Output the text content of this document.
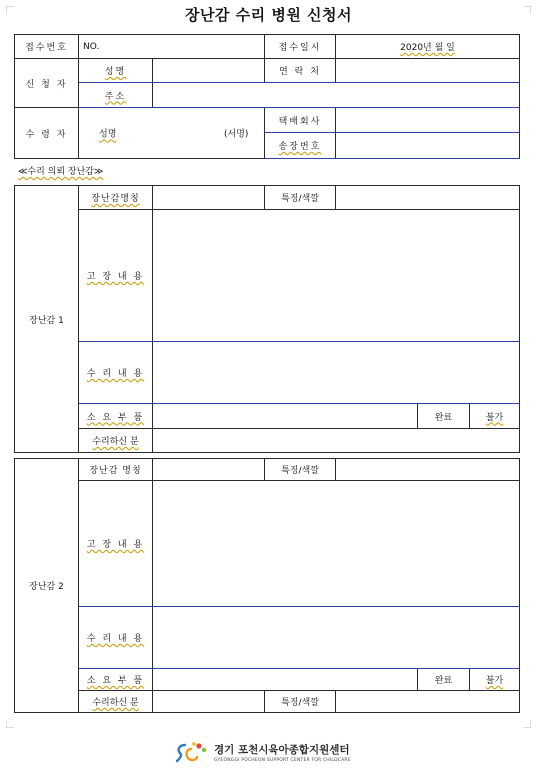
장난감 수리 병원 신청서
접수번호	NO.		접수일시	2020년 월 일
신 청 자	성명		연 락 처	
	주소			
수 령 자	성명 (서명)		택배회사	
			송장번호	
≪수리 의뢰 장난감≫
장난감 1	장난감명칭		특징/색깔			
	고 장 내 용					
	수 리 내 용					
	소 요 부 품				완료	불가
	수리하신 분					
장난감 2	장난감 명칭		특징/색깔			
	고 장 내 용					
	수 리 내 용					
	소 요 부 품				완료	불가
	수리하신 분		특징/색깔			
경기 포천시육아종합지원센터
GYEONGGI POCHEON SUPPORT CENTER FOR CHILDCARE
